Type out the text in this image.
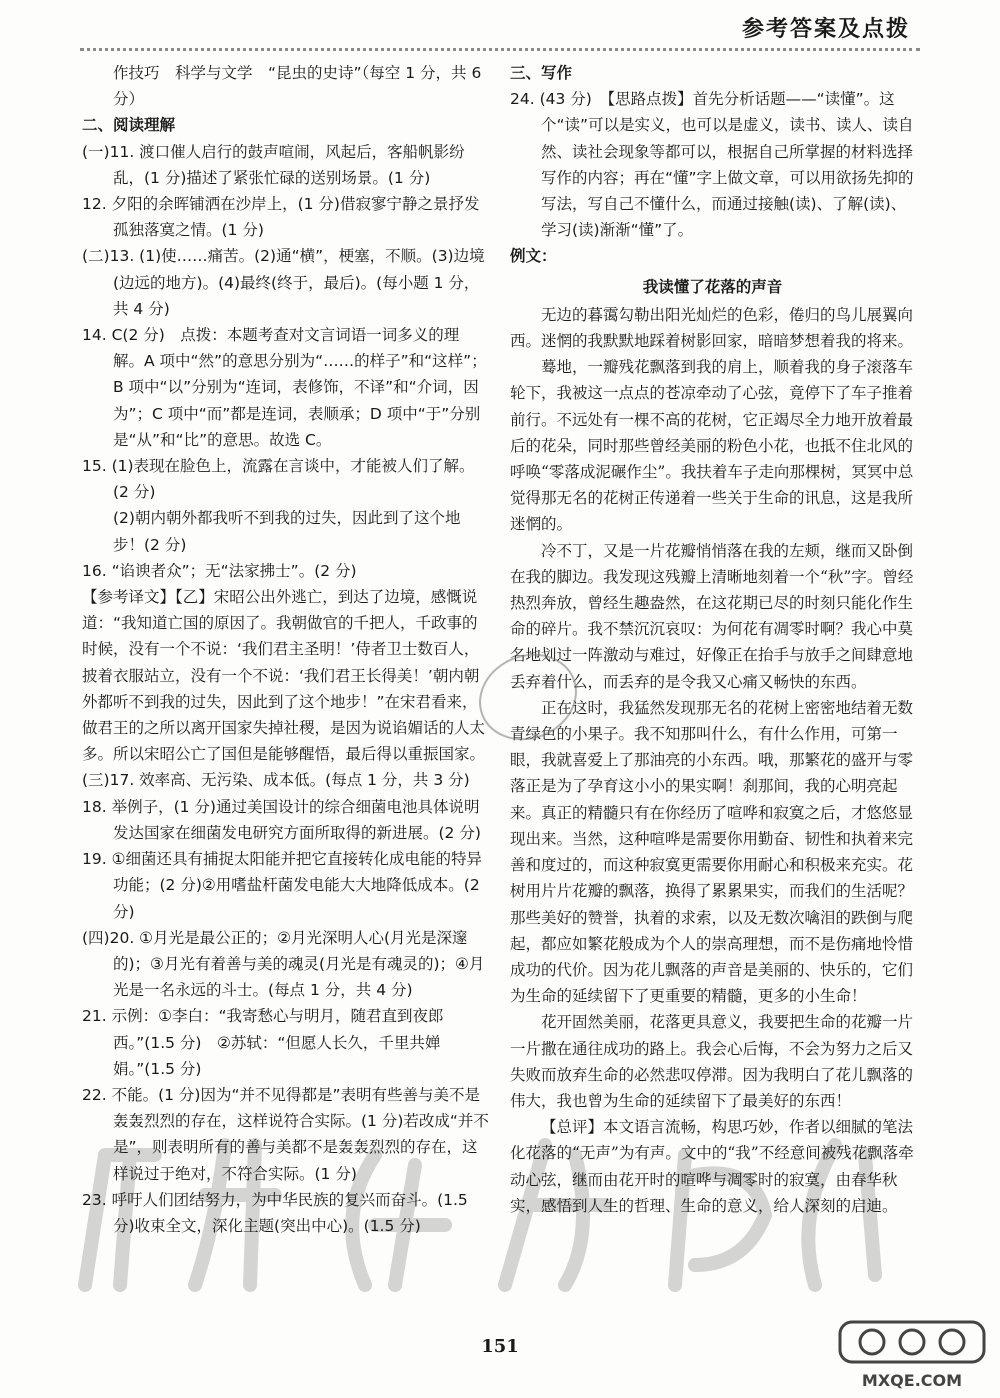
参考答案及点拨

作技巧　科学与文学　“昆虫的史诗”（每空 1 分，共 6 分）

二、阅读理解

(一)11. 渡口催人启行的鼓声喧闹，风起后，客船帆影纷乱，(1 分)描述了紧张忙碌的送别场景。(1 分)

12. 夕阳的余晖铺洒在沙岸上，(1 分)借寂寥宁静之景抒发孤独落寞之情。(1 分)

(二)13. (1)使……痛苦。(2)通“横”，梗塞，不顺。(3)边境(边远的地方)。(4)最终(终于，最后)。(每小题 1 分，共 4 分)

14. C(2 分)　点拨：本题考查对文言词语一词多义的理解。A 项中“然”的意思分别为“……的样子”和“这样”；B 项中“以”分别为“连词，表修饰，不译”和“介词，因为”；C 项中“而”都是连词，表顺承；D 项中“于”分别是“从”和“比”的意思。故选 C。

15. (1)表现在脸色上，流露在言谈中，才能被人们了解。(2 分)

(2)朝内朝外都我听不到我的过失，因此到了这个地步！(2 分)

16. “谄谀者众”；无“法家拂士”。(2 分)

【参考译文】【乙】宋昭公出外逃亡，到达了边境，感慨说道：“我知道亡国的原因了。我朝做官的千把人，千政事的时候，没有一个不说：‘我们君主圣明！’侍者卫士数百人，披着衣服站立，没有一个不说：‘我们君王长得美！’朝内朝外都听不到我的过失，因此到了这个地步！”在宋君看来，做君王的之所以离开国家失掉社稷，是因为说谄媚话的人太多。所以宋昭公亡了国但是能够醒悟，最后得以重振国家。

(三)17. 效率高、无污染、成本低。(每点 1 分，共 3 分)

18. 举例子，(1 分)通过美国设计的综合细菌电池具体说明发达国家在细菌发电研究方面所取得的新进展。(2 分)

19. ①细菌还具有捕捉太阳能并把它直接转化成电能的特异功能；(2 分)②用嗜盐杆菌发电能大大地降低成本。(2 分)

(四)20. ①月光是最公正的；②月光深明人心(月光是深邃的)；③月光有着善与美的魂灵(月光是有魂灵的)；④月光是一名永远的斗士。(每点 1 分，共 4 分)

21. 示例：①李白：“我寄愁心与明月，随君直到夜郎西。”(1.5 分)　②苏轼：“但愿人长久，千里共婵娟。”(1.5 分)

22. 不能。(1 分)因为“并不见得都是”表明有些善与美不是轰轰烈烈的存在，这样说符合实际。(1 分)若改成“并不是”，则表明所有的善与美都不是轰轰烈烈的存在，这样说过于绝对，不符合实际。(1 分)

23. 呼吁人们团结努力，为中华民族的复兴而奋斗。(1.5 分)收束全文，深化主题(突出中心)。(1.5 分)

三、写作

24. (43 分)　【思路点拨】首先分析话题——“读懂”。这个“读”可以是实义，也可以是虚义，读书、读人、读自然、读社会现象等都可以，根据自己所掌握的材料选择写作的内容；再在“懂”字上做文章，可以用欲扬先抑的写法，写自己不懂什么，而通过接触(读)、了解(读)、学习(读)渐渐“懂”了。

例文：

我读懂了花落的声音

无边的暮霭勾勒出阳光灿烂的色彩，倦归的鸟儿展翼向西。迷惘的我默默地踩着树影回家，暗暗梦想着我的将来。

蓦地，一瓣残花飘落到我的肩上，顺着我的身子滚落车轮下，我被这一点点的苍凉牵动了心弦，竟停下了车子推着前行。不远处有一棵不高的花树，它正竭尽全力地开放着最后的花朵，同时那些曾经美丽的粉色小花，也抵不住北风的呼唤“零落成泥碾作尘”。我扶着车子走向那棵树，冥冥中总觉得那无名的花树正传递着一些关于生命的讯息，这是我所迷惘的。

冷不丁，又是一片花瓣悄悄落在我的左颊，继而又卧倒在我的脚边。我发现这残瓣上清晰地刻着一个“秋”字。曾经热烈奔放，曾经生趣盎然，在这花期已尽的时刻只能化作生命的碎片。我不禁沉沉哀叹：为何花有凋零时啊？我心中莫名地划过一阵激动与难过，好像正在抬手与放手之间肆意地丢弃着什么，而丢弃的是令我又心痛又畅快的东西。

正在这时，我猛然发现那无名的花树上密密地结着无数青绿色的小果子。我不知那叫什么，有什么作用，可第一眼，我就喜爱上了那油亮的小东西。哦，那繁花的盛开与零落正是为了孕育这小小的果实啊！刹那间，我的心明亮起来。真正的精髓只有在你经历了喧哗和寂寞之后，才悠悠显现出来。当然，这种喧哗是需要你用勤奋、韧性和执着来完善和度过的，而这种寂寞更需要你用耐心和积极来充实。花树用片片花瓣的飘落，换得了累累果实，而我们的生活呢？那些美好的赞誉，执着的求索，以及无数次噙泪的跌倒与爬起，都应如繁花般成为个人的崇高理想，而不是伤痛地怜惜成功的代价。因为花儿飘落的声音是美丽的、快乐的，它们为生命的延续留下了更重要的精髓，更多的小生命！

花开固然美丽，花落更具意义，我要把生命的花瓣一片一片撒在通往成功的路上。我会心后悔，不会为努力之后又失败而放弃生命的必然悲叹停滞。因为我明白了花儿飘落的伟大，我也曾为生命的延续留下了最美好的东西！

【总评】本文语言流畅，构思巧妙，作者以细腻的笔法化花落的“无声”为有声。文中的“我”不经意间被残花飘落牵动心弦，继而由花开时的喧哗与凋零时的寂寞，由春华秋实，感悟到人生的哲理、生命的意义，给人深刻的启迪。

MXQE.COM
151
